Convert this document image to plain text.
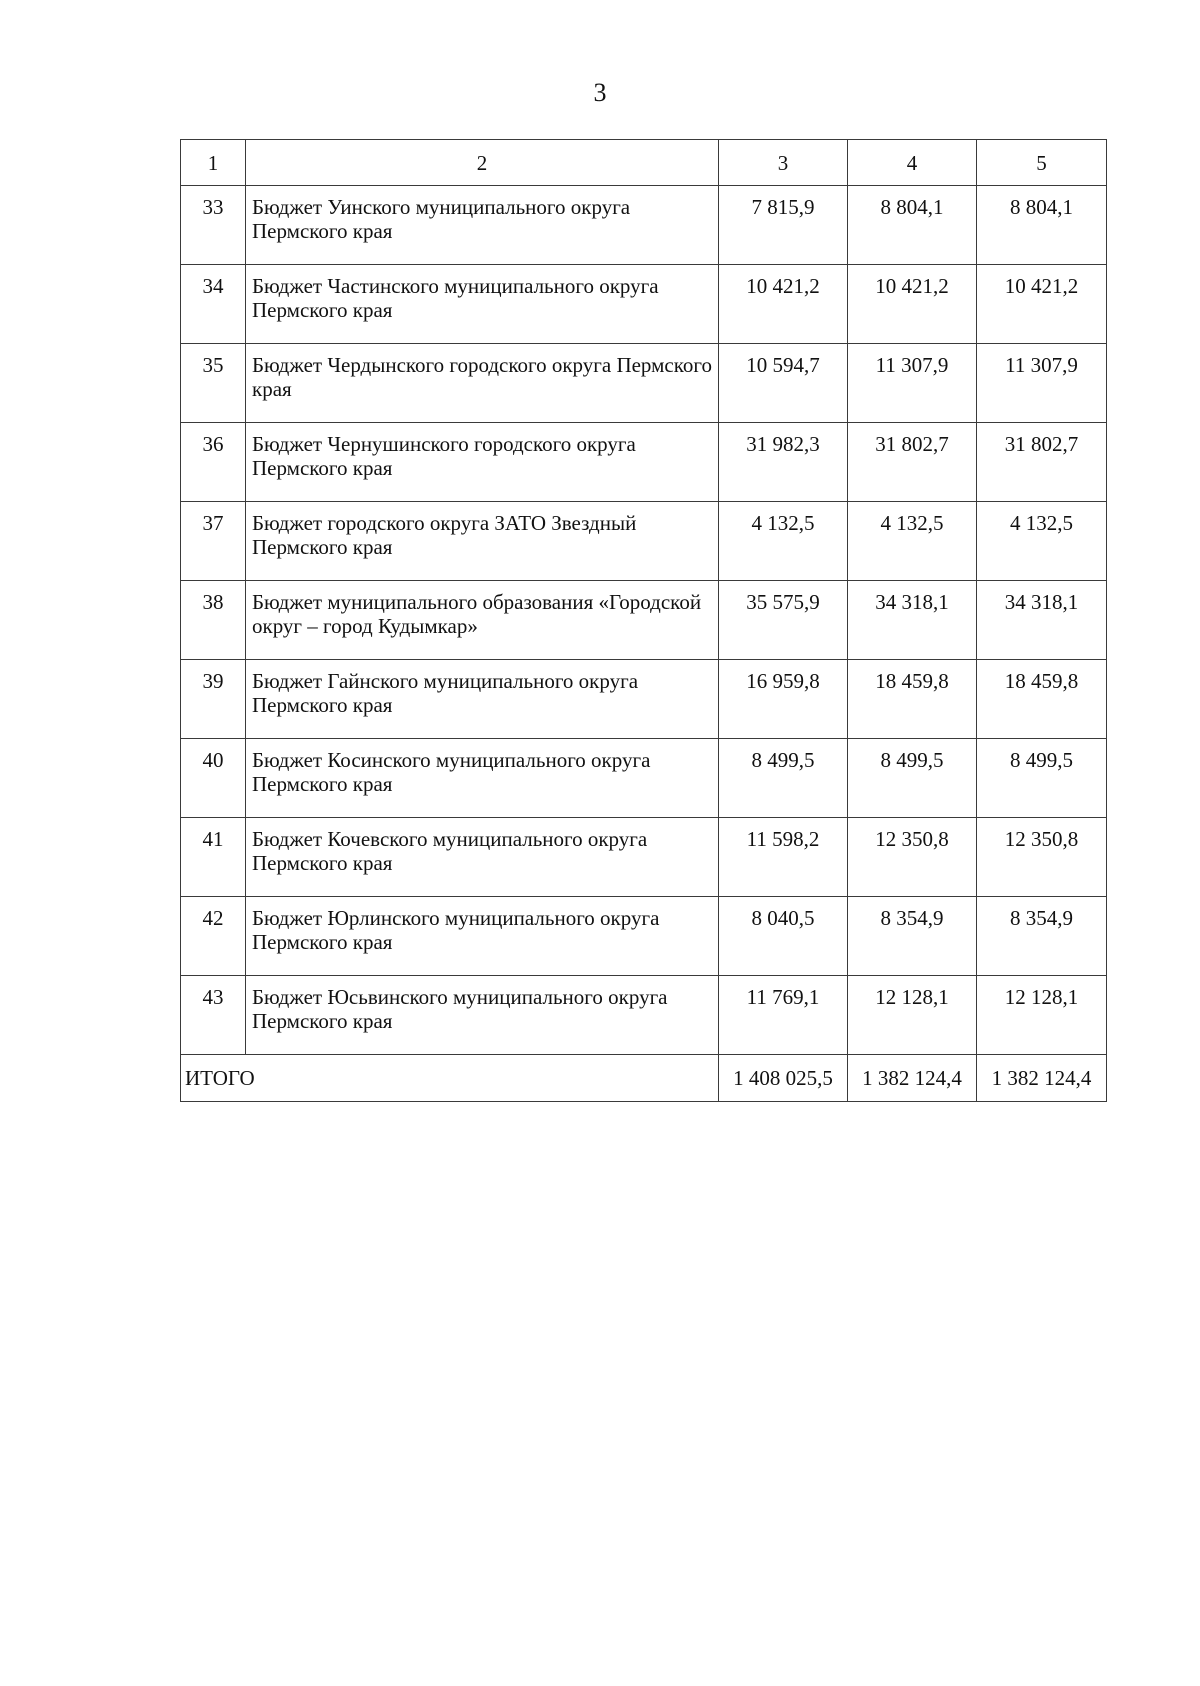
3
1	2	3	4	5
33	Бюджет Уинского муниципального округа Пермского края	7 815,9	8 804,1	8 804,1
34	Бюджет Частинского муниципального округа Пермского края	10 421,2	10 421,2	10 421,2
35	Бюджет Чердынского городского округа Пермского края	10 594,7	11 307,9	11 307,9
36	Бюджет Чернушинского городского округа Пермского края	31 982,3	31 802,7	31 802,7
37	Бюджет городского округа ЗАТО Звездный Пермского края	4 132,5	4 132,5	4 132,5
38	Бюджет муниципального образования «Городской округ – город Кудымкар»	35 575,9	34 318,1	34 318,1
39	Бюджет Гайнского муниципального округа Пермского края	16 959,8	18 459,8	18 459,8
40	Бюджет Косинского муниципального округа Пермского края	8 499,5	8 499,5	8 499,5
41	Бюджет Кочевского муниципального округа Пермского края	11 598,2	12 350,8	12 350,8
42	Бюджет Юрлинского муниципального округа Пермского края	8 040,5	8 354,9	8 354,9
43	Бюджет Юсьвинского муниципального округа Пермского края	11 769,1	12 128,1	12 128,1
ИТОГО		1 408 025,5	1 382 124,4	1 382 124,4
